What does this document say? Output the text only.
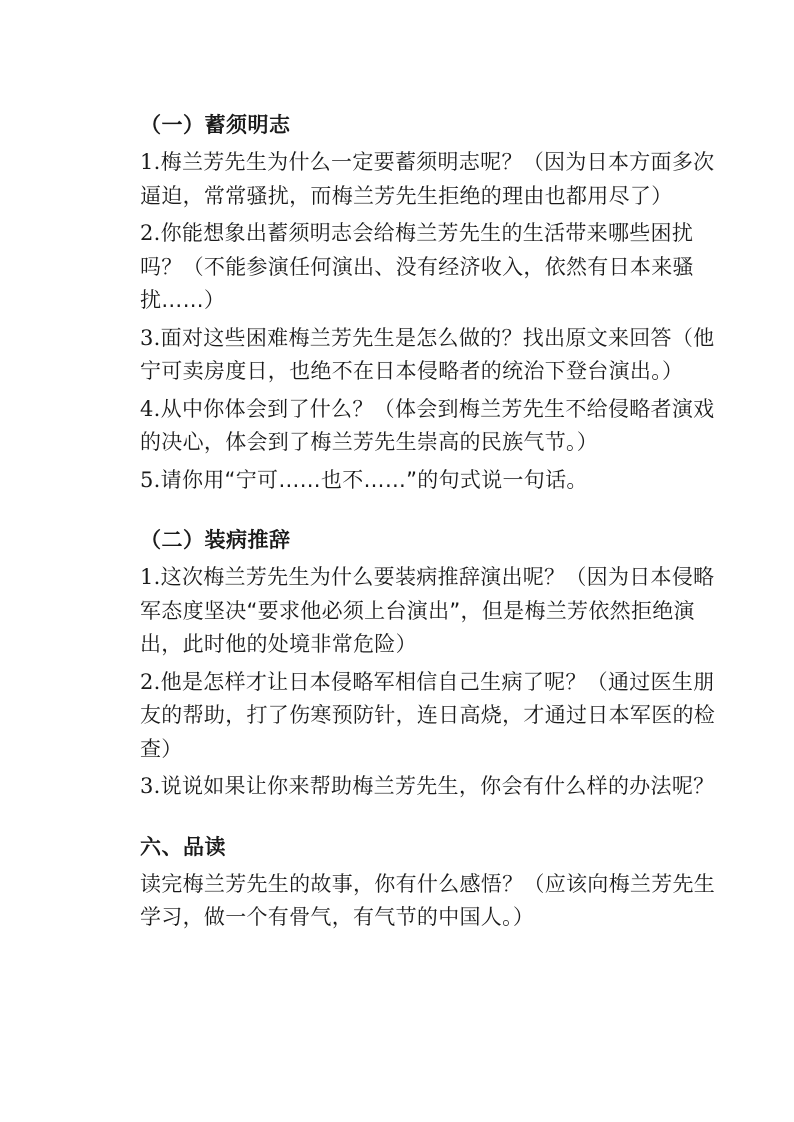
（一）蓄须明志
1.梅兰芳先生为什么一定要蓄须明志呢？（因为日本方面多次逼迫，常常骚扰，而梅兰芳先生拒绝的理由也都用尽了）
2.你能想象出蓄须明志会给梅兰芳先生的生活带来哪些困扰吗？（不能参演任何演出、没有经济收入，依然有日本来骚扰……）
3.面对这些困难梅兰芳先生是怎么做的？找出原文来回答（他宁可卖房度日，也绝不在日本侵略者的统治下登台演出。）
4.从中你体会到了什么？（体会到梅兰芳先生不给侵略者演戏的决心，体会到了梅兰芳先生崇高的民族气节。）
5.请你用“宁可……也不……”的句式说一句话。
（二）装病推辞
1.这次梅兰芳先生为什么要装病推辞演出呢？（因为日本侵略军态度坚决“要求他必须上台演出”，但是梅兰芳依然拒绝演出，此时他的处境非常危险）
2.他是怎样才让日本侵略军相信自己生病了呢？（通过医生朋友的帮助，打了伤寒预防针，连日高烧，才通过日本军医的检查）
3.说说如果让你来帮助梅兰芳先生，你会有什么样的办法呢？
六、品读
读完梅兰芳先生的故事，你有什么感悟？（应该向梅兰芳先生学习，做一个有骨气，有气节的中国人。）
